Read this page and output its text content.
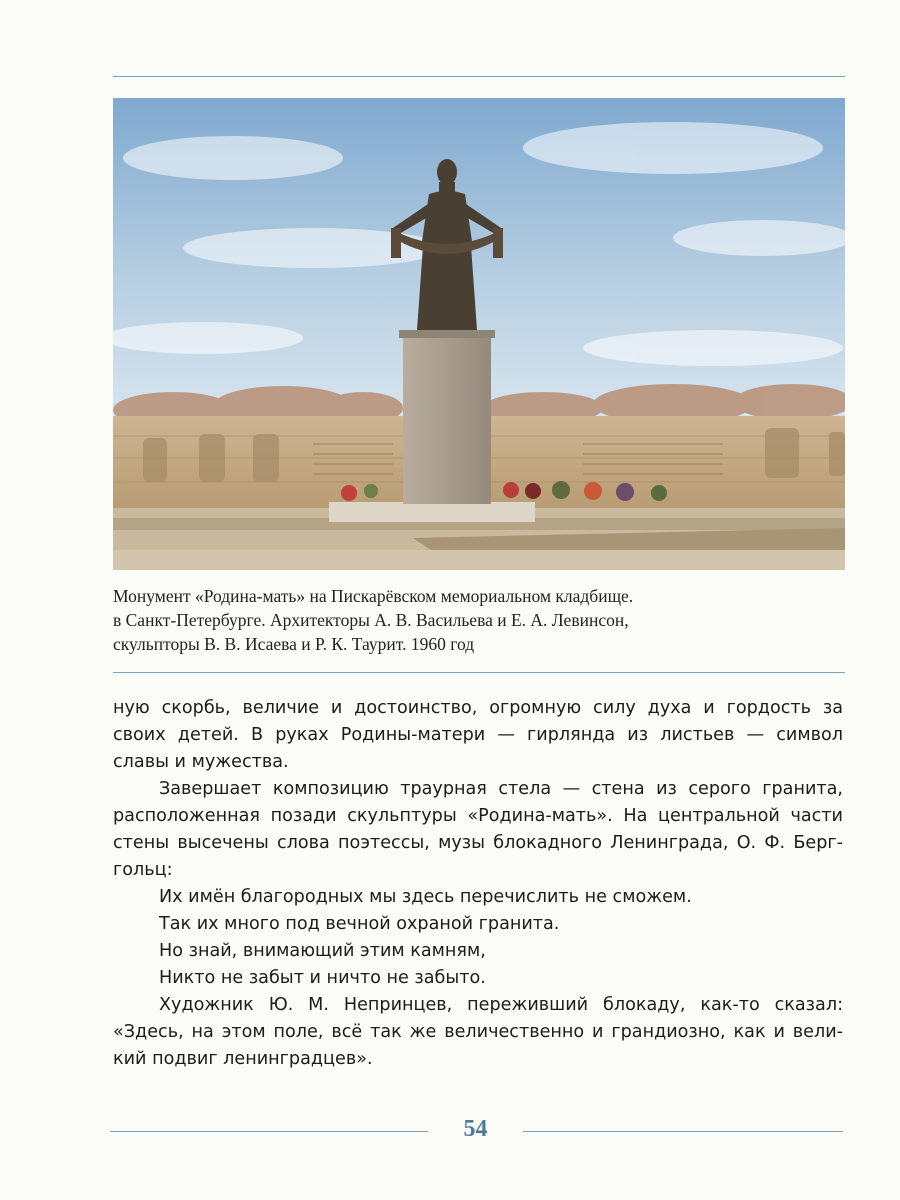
Монумент «Родина-мать» на Пискарёвском мемориальном кладбище.
в Санкт-Петербурге. Архитекторы А. В. Васильева и Е. А. Левинсон,
скульпторы В. В. Исаева и Р. К. Таурит. 1960 год
ную скорбь, величие и достоинство, огромную силу духа и гордость за
своих детей. В руках Родины-матери — гирлянда из листьев — символ
славы и мужества.
Завершает композицию траурная стела — стена из серого гранита,
расположенная позади скульптуры «Родина-мать». На центральной части
стены высечены слова поэтессы, музы блокадного Ленинграда, О. Ф. Берг-
гольц:
Их имён благородных мы здесь перечислить не сможем.
Так их много под вечной охраной гранита.
Но знай, внимающий этим камням,
Никто не забыт и ничто не забыто.
Художник Ю. М. Непринцев, переживший блокаду, как-то сказал:
«Здесь, на этом поле, всё так же величественно и грандиозно, как и вели-
кий подвиг ленинградцев».
54
